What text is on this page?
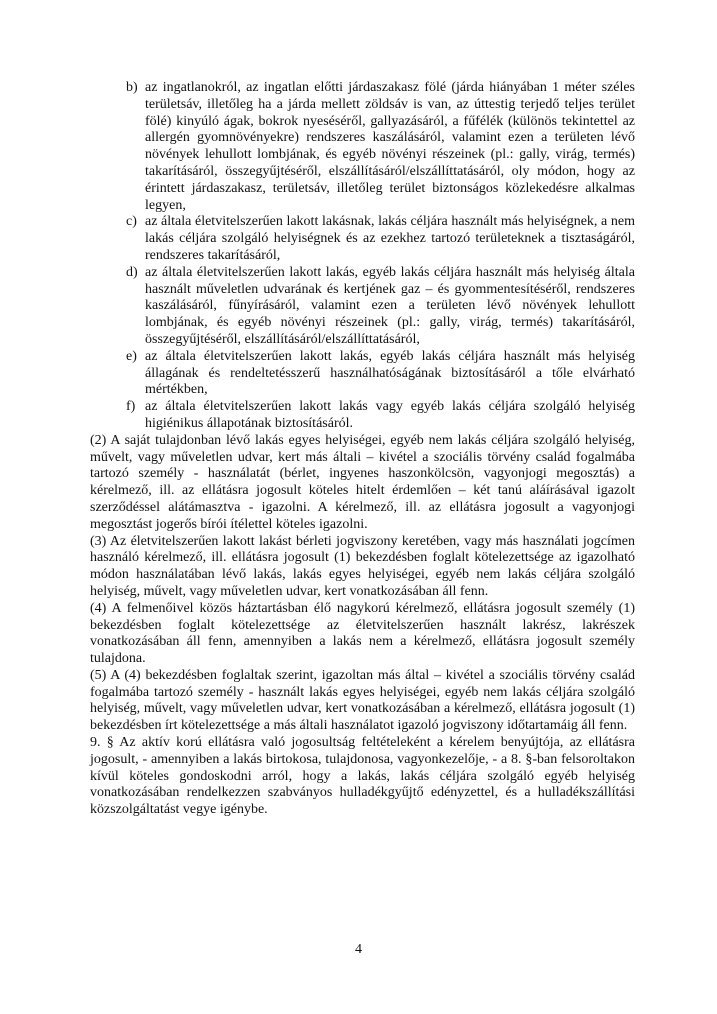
b) az ingatlanokról, az ingatlan előtti járdaszakasz fölé (járda hiányában 1 méter széles területsáv, illetőleg ha a járda mellett zöldsáv is van, az úttestig terjedő teljes terület fölé) kinyúló ágak, bokrok nyeséséről, gallyazásáról, a fűfélék (különös tekintettel az allergén gyomnövényekre) rendszeres kaszálásáról, valamint ezen a területen lévő növények lehullott lombjának, és egyéb növényi részeinek (pl.: gally, virág, termés) takarításáról, összegyűjtéséről, elszállításáról/elszállíttatásáról, oly módon, hogy az érintett járdaszakasz, területsáv, illetőleg terület biztonságos közlekedésre alkalmas legyen,
c) az általa életvitelszerűen lakott lakásnak, lakás céljára használt más helyiségnek, a nem lakás céljára szolgáló helyiségnek és az ezekhez tartozó területeknek a tisztaságáról, rendszeres takarításáról,
d) az általa életvitelszerűen lakott lakás, egyéb lakás céljára használt más helyiség általa használt műveletlen udvarának és kertjének gaz – és gyommentesítéséről, rendszeres kaszálásáról, fűnyírásáról, valamint ezen a területen lévő növények lehullott lombjának, és egyéb növényi részeinek (pl.: gally, virág, termés) takarításáról, összegyűjtéséről, elszállításáról/elszállíttatásáról,
e) az általa életvitelszerűen lakott lakás, egyéb lakás céljára használt más helyiség állagának és rendeltetésszerű használhatóságának biztosításáról a tőle elvárható mértékben,
f) az általa életvitelszerűen lakott lakás vagy egyéb lakás céljára szolgáló helyiség higiénikus állapotának biztosításáról.

(2) A saját tulajdonban lévő lakás egyes helyiségei, egyéb nem lakás céljára szolgáló helyiség, művelt, vagy műveletlen udvar, kert más általi – kivétel a szociális törvény család fogalmába tartozó személy - használatát (bérlet, ingyenes haszonkölcsön, vagyonjogi megosztás) a kérelmező, ill. az ellátásra jogosult köteles hitelt érdemlően – két tanú aláírásával igazolt szerződéssel alátámasztva - igazolni. A kérelmező, ill. az ellátásra jogosult a vagyonjogi megosztást jogerős bírói ítélettel köteles igazolni.

(3) Az életvitelszerűen lakott lakást bérleti jogviszony keretében, vagy más használati jogcímen használó kérelmező, ill. ellátásra jogosult (1) bekezdésben foglalt kötelezettsége az igazolható módon használatában lévő lakás, lakás egyes helyiségei, egyéb nem lakás céljára szolgáló helyiség, művelt, vagy műveletlen udvar, kert vonatkozásában áll fenn.

(4) A felmenőivel közös háztartásban élő nagykorú kérelmező, ellátásra jogosult személy (1) bekezdésben foglalt kötelezettsége az életvitelszerűen használt lakrész, lakrészek vonatkozásában áll fenn, amennyiben a lakás nem a kérelmező, ellátásra jogosult személy tulajdona.

(5) A (4) bekezdésben foglaltak szerint, igazoltan más által – kivétel a szociális törvény család fogalmába tartozó személy - használt lakás egyes helyiségei, egyéb nem lakás céljára szolgáló helyiség, művelt, vagy műveletlen udvar, kert vonatkozásában a kérelmező, ellátásra jogosult (1) bekezdésben írt kötelezettsége a más általi használatot igazoló jogviszony időtartamáig áll fenn.

9. § Az aktív korú ellátásra való jogosultság feltételeként a kérelem benyújtója, az ellátásra jogosult, - amennyiben a lakás birtokosa, tulajdonosa, vagyonkezelője, - a 8. §-ban felsoroltakon kívül köteles gondoskodni arról, hogy a lakás, lakás céljára szolgáló egyéb helyiség vonatkozásában rendelkezzen szabványos hulladékgyűjtő edényzettel, és a hulladékszállítási közszolgáltatást vegye igénybe.

4
